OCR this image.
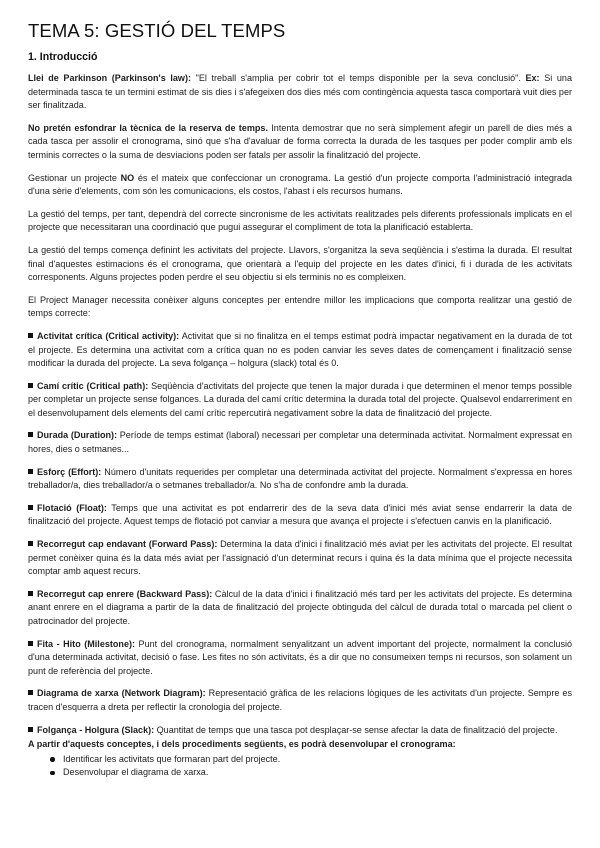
TEMA 5: GESTIÓ DEL TEMPS
1. Introducció

Llei de Parkinson (Parkinson's law): "El treball s'amplia per cobrir tot el temps disponible per la seva conclusió". Ex: Si una determinada tasca te un termini estimat de sis dies i s'afegeixen dos dies més com contingència aquesta tasca comportarà vuit dies per ser finalitzada.

No pretén esfondrar la tècnica de la reserva de temps. Intenta demostrar que no serà simplement afegir un parell de dies més a cada tasca per assolir el cronograma, sinó que s'ha d'avaluar de forma correcta la durada de les tasques per poder complir amb els terminis correctes o la suma de desviacions poden ser fatals per assolir la finalització del projecte.

Gestionar un projecte NO és el mateix que confeccionar un cronograma. La gestió d'un projecte comporta l'administració integrada d'una sèrie d'elements, com són les comunicacions, els costos, l'abast i els recursos humans.

La gestió del temps, per tant, dependrà del correcte sincronisme de les activitats realitzades pels diferents professionals implicats en el projecte que necessitaran una coordinació que pugui assegurar el compliment de tota la planificació establerta.

La gestió del temps comença definint les activitats del projecte. Llavors, s'organitza la seva seqüència i s'estima la durada. El resultat final d'aquestes estimacions és el cronograma, que orientarà a l'equip del projecte en les dates d'inici, fi i durada de les activitats corresponents. Alguns projectes poden perdre el seu objectiu si els terminis no es compleixen.

El Project Manager necessita conèixer alguns conceptes per entendre millor les implicacions que comporta realitzar una gestió de temps correcte:

Activitat crítica (Critical activity): Activitat que si no finalitza en el temps estimat podrà impactar negativament en la durada de tot el projecte. Es determina una activitat com a crítica quan no es poden canviar les seves dates de començament i finalització sense modificar la durada del projecte. La seva folgança – holgura (slack) total és 0.

Camí crític (Critical path): Seqüència d'activitats del projecte que tenen la major durada i que determinen el menor temps possible per completar un projecte sense folgances. La durada del camí crític determina la durada total del projecte. Qualsevol endarreriment en el desenvolupament dels elements del camí crític repercutirà negativament sobre la data de finalització del projecte.

Durada (Duration): Període de temps estimat (laboral) necessari per completar una determinada activitat. Normalment expressat en hores, dies o setmanes...

Esforç (Effort): Número d'unitats requerides per completar una determinada activitat del projecte. Normalment s'expressa en hores treballador/a, dies treballador/a o setmanes treballador/a. No s'ha de confondre amb la durada.

Flotació (Float): Temps que una activitat es pot endarrerir des de la seva data d'inici més aviat sense endarrerir la data de finalització del projecte. Aquest temps de flotació pot canviar a mesura que avança el projecte i s'efectuen canvis en la planificació.

Recorregut cap endavant (Forward Pass): Determina la data d'inici i finalització més aviat per les activitats del projecte. El resultat permet conèixer quina és la data més aviat per l'assignació d'un determinat recurs i quina és la data mínima que el projecte necessita comptar amb aquest recurs.

Recorregut cap enrere (Backward Pass): Càlcul de la data d'inici i finalització més tard per les activitats del projecte. Es determina anant enrere en el diagrama a partir de la data de finalització del projecte obtinguda del càlcul de durada total o marcada pel client o patrocinador del projecte.

Fita - Hito (Milestone): Punt del cronograma, normalment senyalitzant un advent important del projecte, normalment la conclusió d'una determinada activitat, decisió o fase. Les fites no són activitats, és a dir que no consumeixen temps ni recursos, son solament un punt de referència del projecte.

Diagrama de xarxa (Network Diagram): Representació gràfica de les relacions lògiques de les activitats d'un projecte. Sempre es tracen d'esquerra a dreta per reflectir la cronologia del projecte.

Folgança - Holgura (Slack): Quantitat de temps que una tasca pot desplaçar-se sense afectar la data de finalització del projecte.

A partir d'aquests conceptes, i dels procediments següents, es podrà desenvolupar el cronograma:

Identificar les activitats que formaran part del projecte.
Desenvolupar el diagrama de xarxa.
